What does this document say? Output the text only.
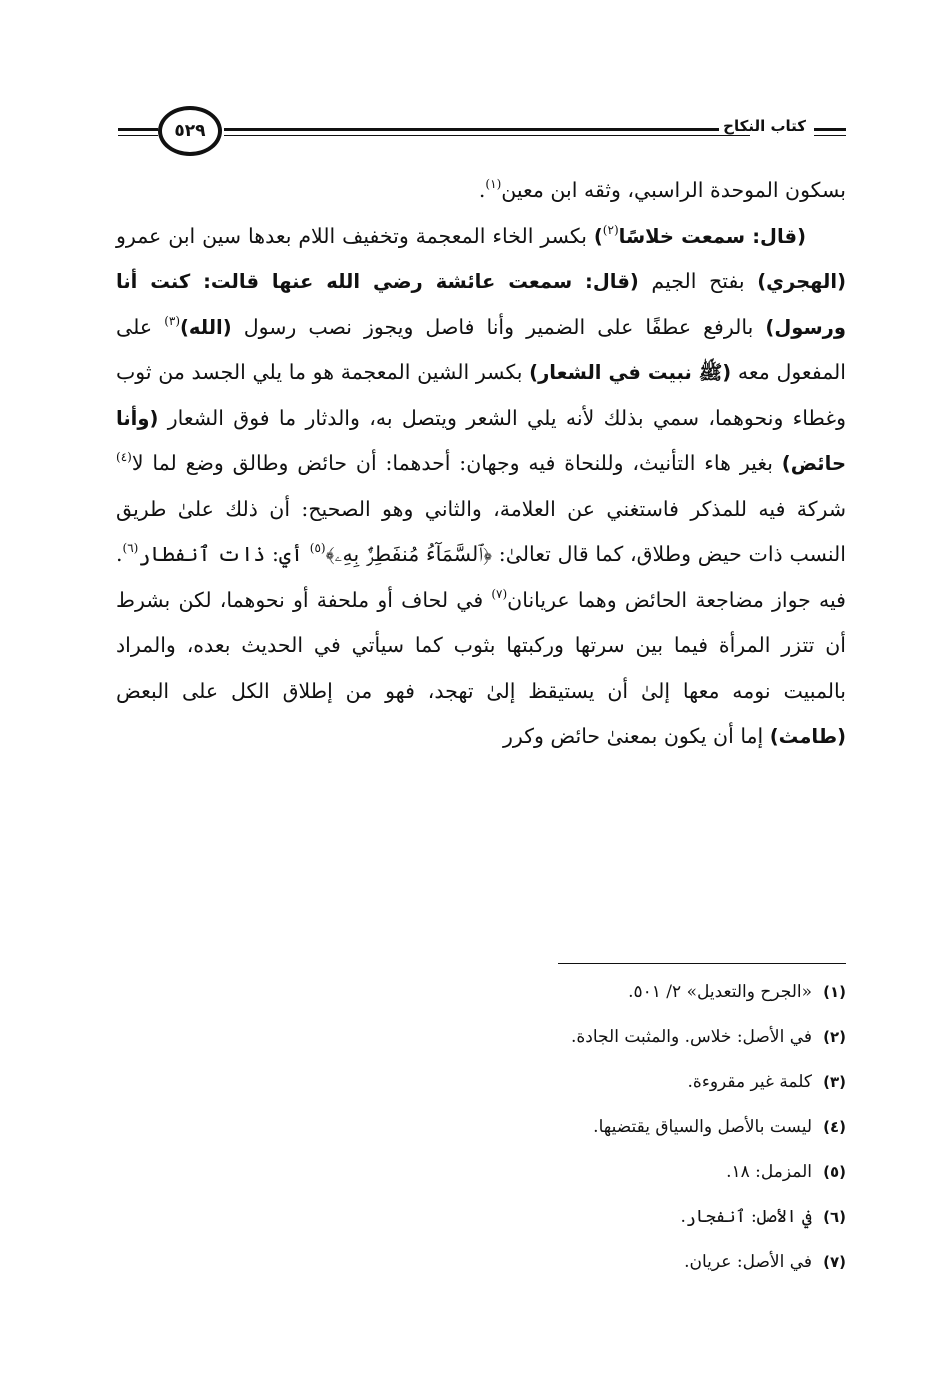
٥٢٩	كتاب النكاح

بسكون الموحدة الراسبي، وثقه ابن معين$^{(١)}$.

(قال: سمعت خلاسًا$^{(٢)}$) بكسر الخاء المعجمة وتخفيف اللام بعدها سين ابن عمرو (الهجري) بفتح الجيم (قال: سمعت عائشة رضي الله عنها قالت: كنت أنا ورسول) بالرفع عطفًا على الضمير وأنا فاصل ويجوز نصب رسول (الله)$^{(٣)}$ على المفعول معه (ﷺ نبيت في الشعار) بكسر الشين المعجمة هو ما يلي الجسد من ثوب وغطاء ونحوهما، سمي بذلك لأنه يلي الشعر ويتصل به، والدثار ما فوق الشعار (وأنا حائض) بغير هاء التأنيث، وللنحاة فيه وجهان: أحدهما: أن حائض وطالق وضع لما لا$^{(٤)}$ شركة فيه للمذكر فاستغني عن العلامة، والثاني وهو الصحيح: أن ذلك علىٰ طريق النسب ذات حيض وطلاق، كما قال تعالىٰ: ﴿ٱلسَّمَآءُ مُنفَطِرٌۢ بِهِۦ﴾$^{(٥)}$ أي: ذات ٱنفطار$^{(٦)}$. فيه جواز مضاجعة الحائض وهما عريانان$^{(٧)}$ في لحاف أو ملحفة أو نحوهما، لكن بشرط أن تتزر المرأة فيما بين سرتها وركبتها بثوب كما سيأتي في الحديث بعده، والمراد بالمبيت نومه معها إلىٰ أن يستيقظ إلىٰ تهجد، فهو من إطلاق الكل على البعض (طامث) إما أن يكون بمعنىٰ حائض وكرر

(١)«الجرح والتعديل» ٢/ ٥٠١.
(٢)في الأصل: خلاس. والمثبت الجادة.
(٣)كلمة غير مقروءة.
(٤)ليست بالأصل والسياق يقتضيها.
(٥)المزمل: ١٨.
(٦)في الأصل: ٱنفجار.
(٧)في الأصل: عريان.
